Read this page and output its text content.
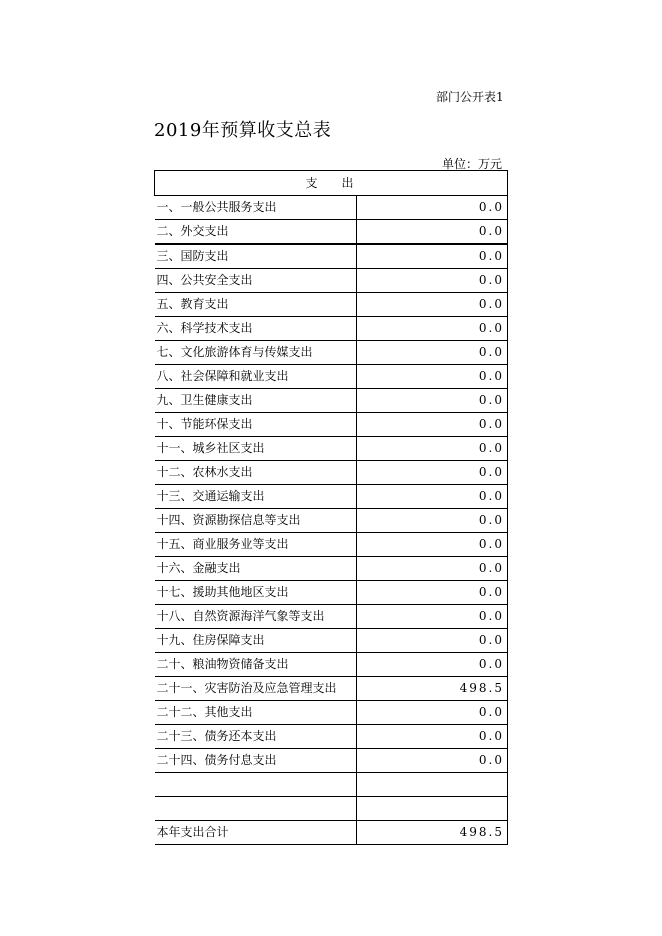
部门公开表1
2019年预算收支总表
单位：万元
支出	
一、一般公共服务支出	0.0
二、外交支出	0.0
三、国防支出	0.0
四、公共安全支出	0.0
五、教育支出	0.0
六、科学技术支出	0.0
七、文化旅游体育与传媒支出	0.0
八、社会保障和就业支出	0.0
九、卫生健康支出	0.0
十、节能环保支出	0.0
十一、城乡社区支出	0.0
十二、农林水支出	0.0
十三、交通运输支出	0.0
十四、资源勘探信息等支出	0.0
十五、商业服务业等支出	0.0
十六、金融支出	0.0
十七、援助其他地区支出	0.0
十八、自然资源海洋气象等支出	0.0
十九、住房保障支出	0.0
二十、粮油物资储备支出	0.0
二十一、灾害防治及应急管理支出	498.5
二十二、其他支出	0.0
二十三、债务还本支出	0.0
二十四、债务付息支出	0.0

本年支出合计	498.5
